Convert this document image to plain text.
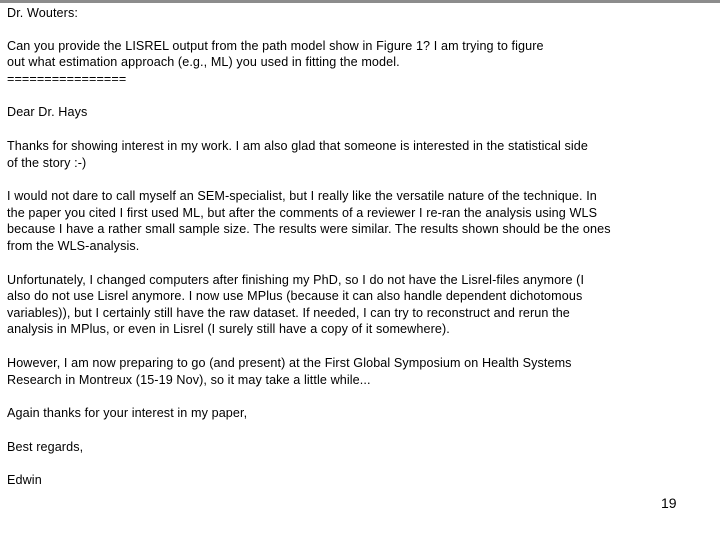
Dr. Wouters:

Can you provide the LISREL output from the path model show in Figure 1? I am trying to figure
out what estimation approach (e.g., ML) you used in fitting the model.

================

Dear Dr. Hays

Thanks for showing interest in my work. I am also glad that someone is interested in the statistical side
of the story :-)

I would not dare to call myself an SEM-specialist, but I really like the versatile nature of the technique. In
the paper you cited I first used ML, but after the comments of a reviewer I re-ran the analysis using WLS
because I have a rather small sample size. The results were similar. The results shown should be the ones
from the WLS-analysis.

Unfortunately, I changed computers after finishing my PhD, so I do not have the Lisrel-files anymore (I
also do not use Lisrel anymore. I now use MPlus (because it can also handle dependent dichotomous
variables)), but I certainly still have the raw dataset. If needed, I can try to reconstruct and rerun the
analysis in MPlus, or even in Lisrel (I surely still have a copy of it somewhere).

However, I am now preparing to go (and present) at the First Global Symposium on Health Systems
Research in Montreux (15-19 Nov), so it may take a little while...

Again thanks for your interest in my paper,

Best regards,

Edwin

19
